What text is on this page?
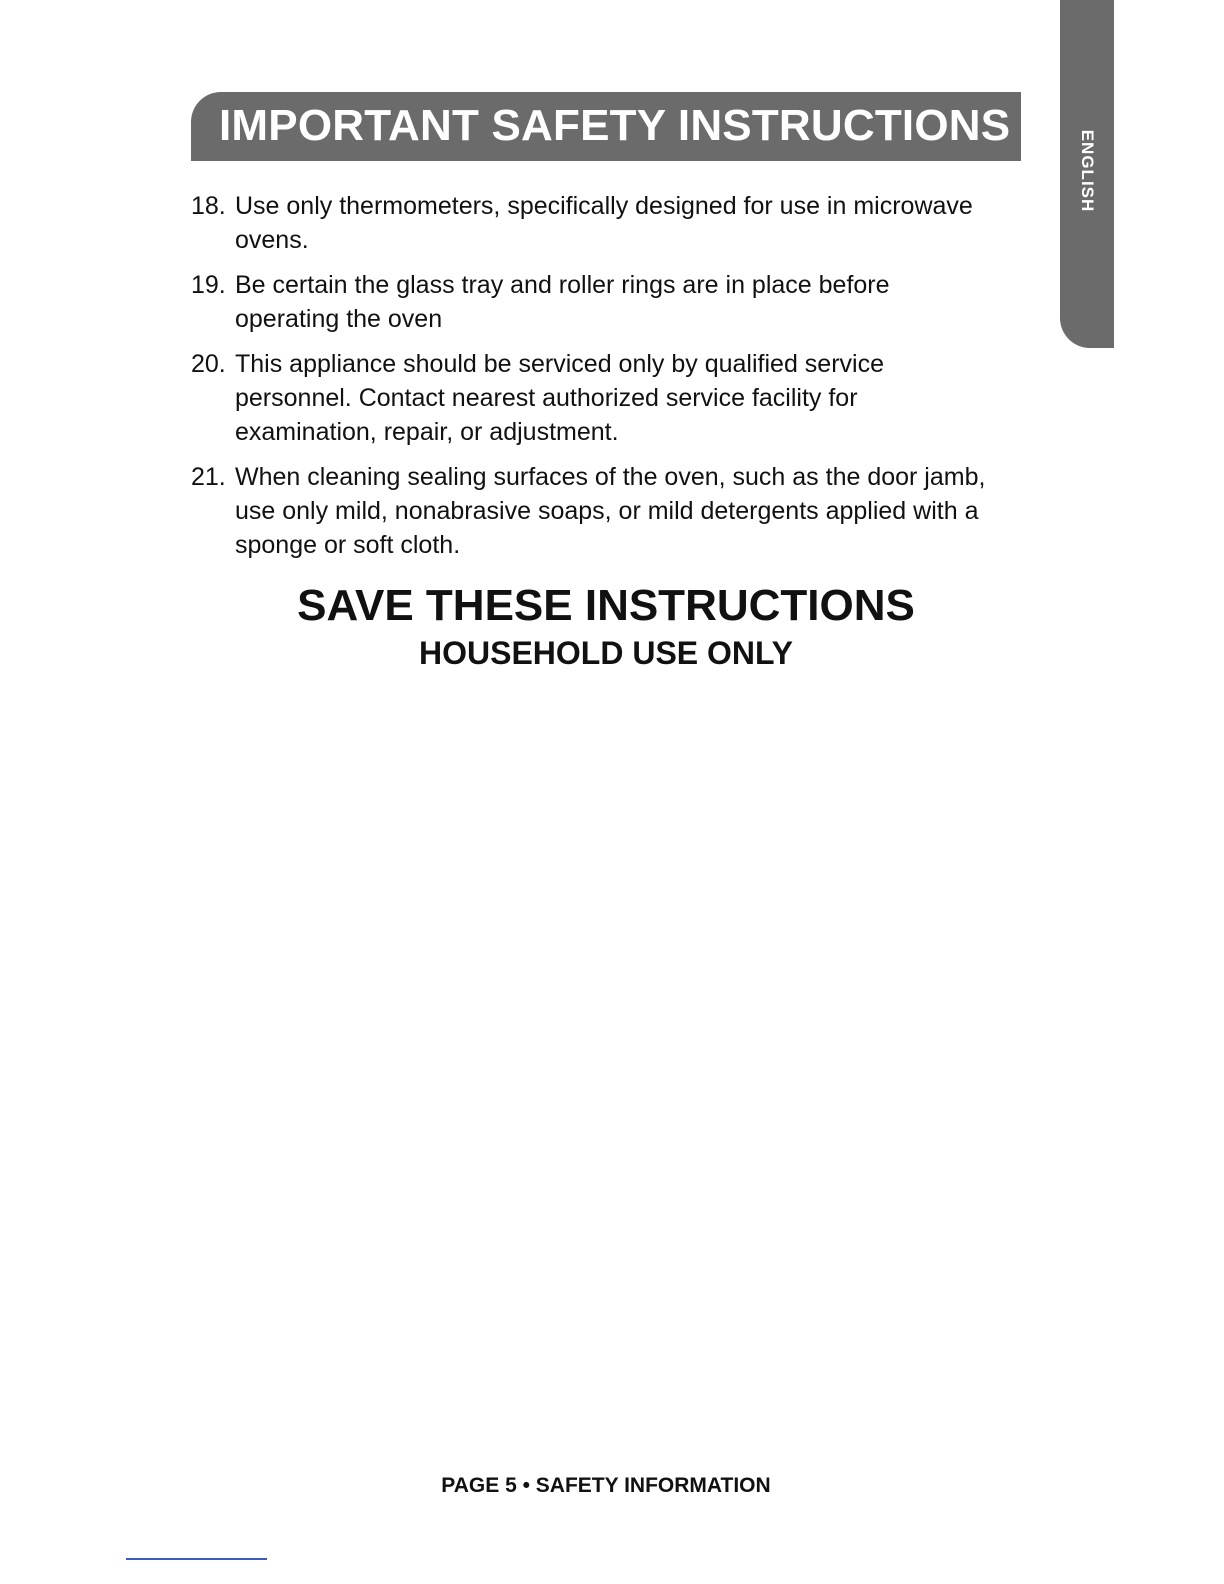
ENGLISH
IMPORTANT SAFETY INSTRUCTIONS
18. Use only thermometers, specifically designed for use in microwave ovens.
19. Be certain the glass tray and roller rings are in place before operating the oven
20. This appliance should be serviced only by qualified service personnel. Contact nearest authorized service facility for examination, repair, or adjustment.
21. When cleaning sealing surfaces of the oven, such as the door jamb, use only mild, nonabrasive soaps, or mild detergents applied with a sponge or soft cloth.
SAVE THESE INSTRUCTIONS
HOUSEHOLD USE ONLY
PAGE 5 • SAFETY INFORMATION
